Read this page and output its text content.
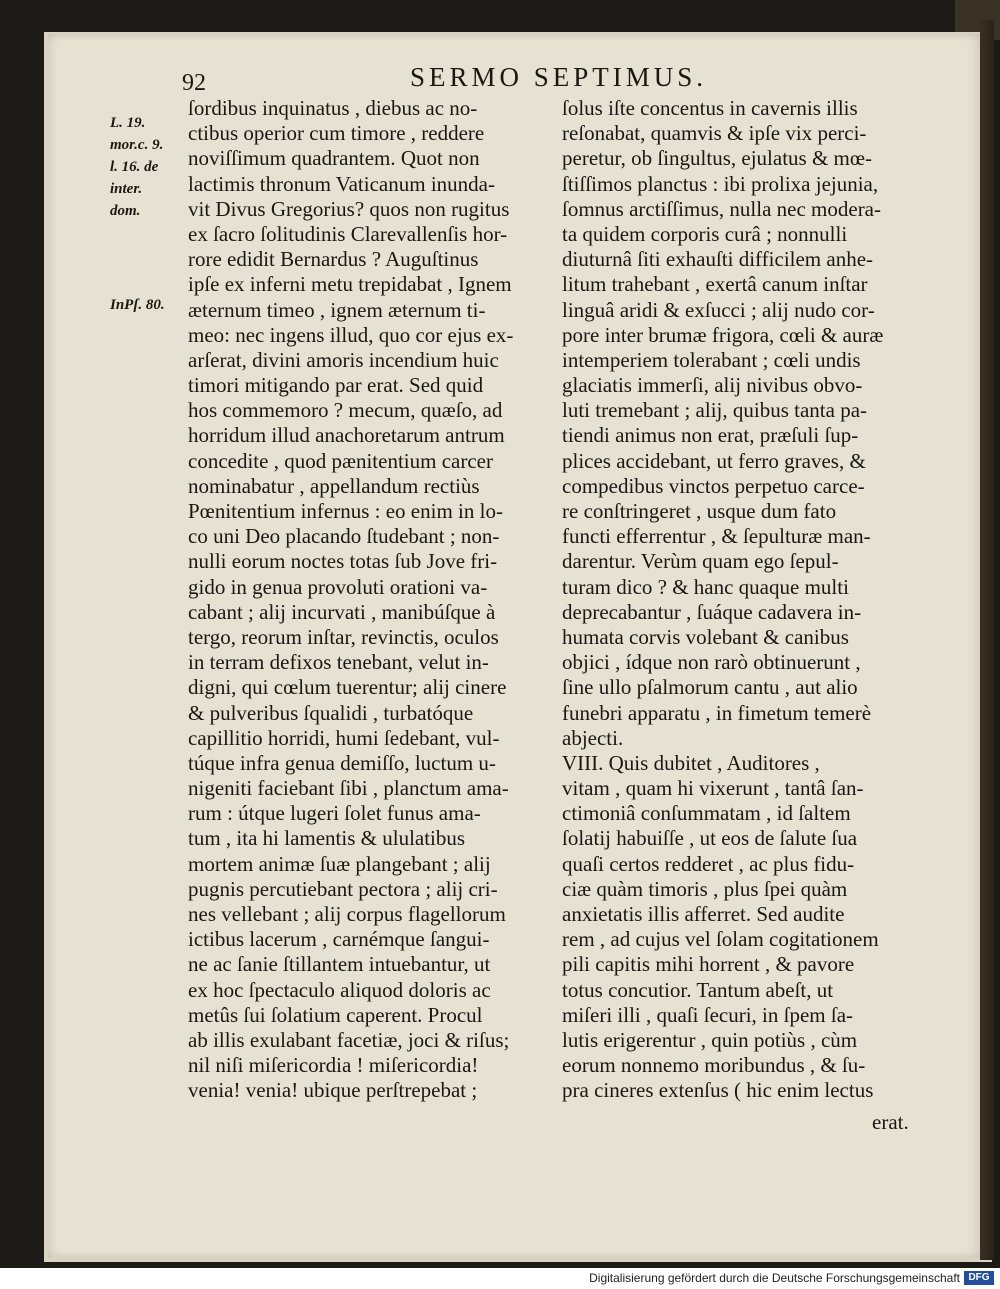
92	SERMO SEPTIMUS.
L. 19.
mor.c. 9.
l. 16. de
inter.
dom.
InPſ. 80.
ſordibus inquinatus , diebus ac no-
ctibus operior cum timore , reddere
noviſſimum quadrantem. Quot non
lactimis thronum Vaticanum inunda-
vit Divus Gregorius? quos non rugitus
ex ſacro ſolitudinis Clarevallenſis hor-
rore edidit Bernardus ? Auguſtinus
ipſe ex inferni metu trepidabat , Ignem
æternum timeo , ignem æternum ti-
meo: nec ingens illud, quo cor ejus ex-
arſerat, divini amoris incendium huic
timori mitigando par erat. Sed quid
hos commemoro ? mecum, quæſo, ad
horridum illud anachoretarum antrum
concedite , quod pænitentium carcer
nominabatur , appellandum rectiùs
Pœnitentium infernus : eo enim in lo-
co uni Deo placando ſtudebant ; non-
nulli eorum noctes totas ſub Jove fri-
gido in genua provoluti orationi va-
cabant ; alij incurvati , manibúſque à
tergo, reorum inſtar, revinctis, oculos
in terram defixos tenebant, velut in-
digni, qui cœlum tuerentur; alij cinere
& pulveribus ſqualidi , turbatóque
capillitio horridi, humi ſedebant, vul-
túque infra genua demiſſo, luctum u-
nigeniti faciebant ſibi , planctum ama-
rum : útque lugeri ſolet funus ama-
tum , ita hi lamentis & ululatibus
mortem animæ ſuæ plangebant ; alij
pugnis percutiebant pectora ; alij cri-
nes vellebant ; alij corpus flagellorum
ictibus lacerum , carnémque ſangui-
ne ac ſanie ſtillantem intuebantur, ut
ex hoc ſpectaculo aliquod doloris ac
metûs ſui ſolatium caperent. Procul
ab illis exulabant facetiæ, joci & riſus;
nil niſi miſericordia ! miſericordia!
venia! venia! ubique perſtrepebat ;
ſolus iſte concentus in cavernis illis
reſonabat, quamvis & ipſe vix perci-
peretur, ob ſingultus, ejulatus & mœ-
ſtiſſimos planctus : ibi prolixa jejunia,
ſomnus arctiſſimus, nulla nec modera-
ta quidem corporis curâ ; nonnulli
diuturnâ ſiti exhauſti difficilem anhe-
litum trahebant , exertâ canum inſtar
linguâ aridi & exſucci ; alij nudo cor-
pore inter brumæ frigora, cœli & auræ
intemperiem tolerabant ; cœli undis
glaciatis immerſi, alij nivibus obvo-
luti tremebant ; alij, quibus tanta pa-
tiendi animus non erat, præſuli ſup-
plices accidebant, ut ferro graves, &
compedibus vinctos perpetuo carce-
re conſtringeret , usque dum fato
functi efferrentur , & ſepulturæ man-
darentur. Verùm quam ego ſepul-
turam dico ? & hanc quaque multi
deprecabantur , ſuáque cadavera in-
humata corvis volebant & canibus
objici , ídque non rarò obtinuerunt ,
ſine ullo pſalmorum cantu , aut alio
funebri apparatu , in fimetum temerè
abjecti.
VIII. Quis dubitet , Auditores ,
vitam , quam hi vixerunt , tantâ ſan-
ctimoniâ conſummatam , id ſaltem
ſolatij habuiſſe , ut eos de ſalute ſua
quaſi certos redderet , ac plus fidu-
ciæ quàm timoris , plus ſpei quàm
anxietatis illis afferret. Sed audite
rem , ad cujus vel ſolam cogitationem
pili capitis mihi horrent , & pavore
totus concutior. Tantum abeſt, ut
miſeri illi , quaſi ſecuri, in ſpem ſa-
lutis erigerentur , quin potiùs , cùm
eorum nonnemo moribundus , & ſu-
pra cineres extenſus ( hic enim lectus
erat.
Digitalisierung gefördert durch die Deutsche Forschungsgemeinschaft DFG
